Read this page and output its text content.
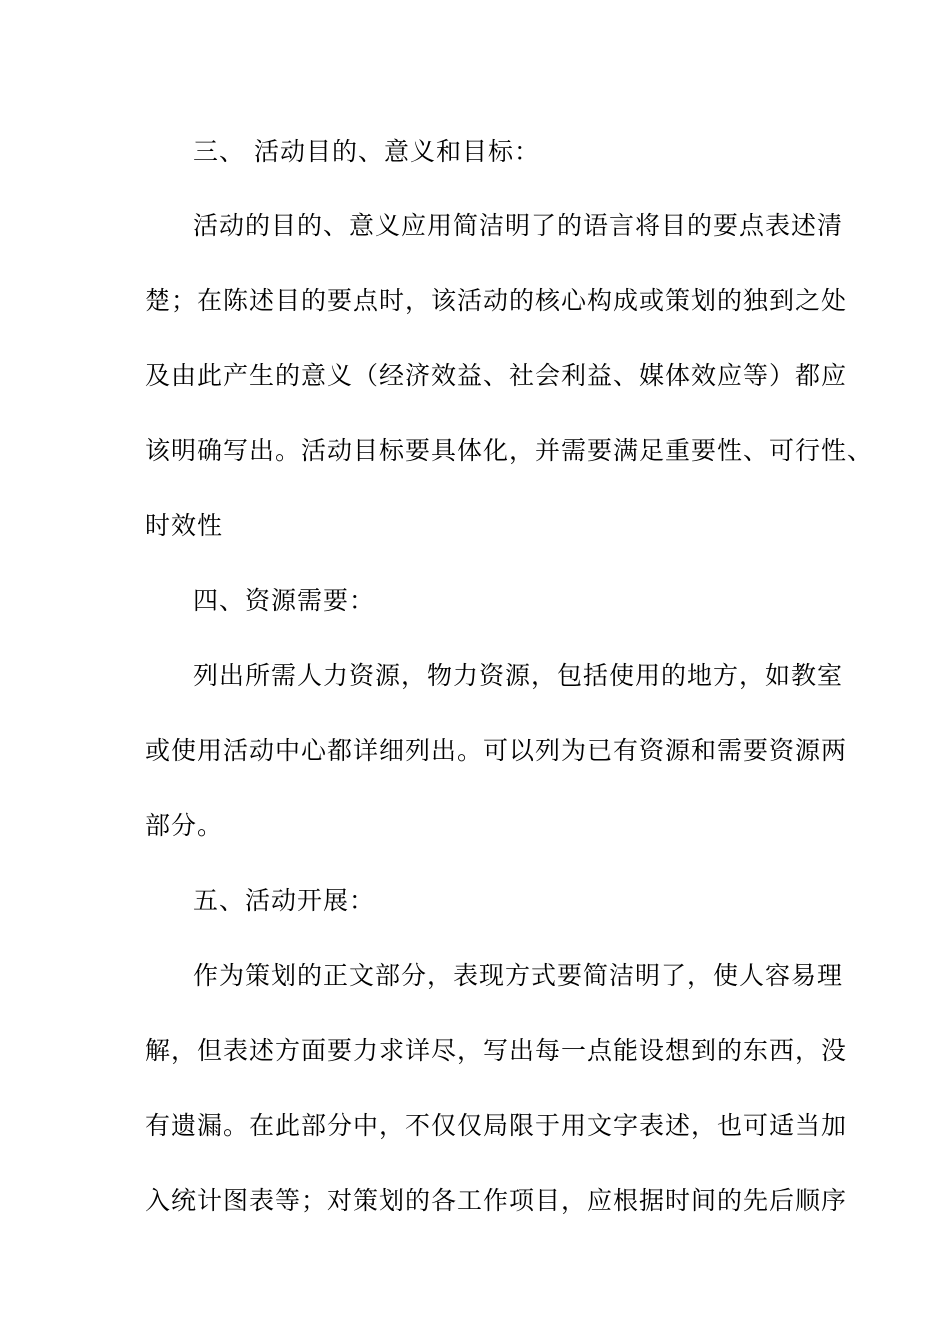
三、 活动目的、意义和目标：
活动的目的、意义应用简洁明了的语言将目的要点表述清
楚；在陈述目的要点时，该活动的核心构成或策划的独到之处
及由此产生的意义（经济效益、社会利益、媒体效应等）都应
该明确写出。活动目标要具体化，并需要满足重要性、可行性、
时效性
四、资源需要：
列出所需人力资源，物力资源，包括使用的地方，如教室
或使用活动中心都详细列出。可以列为已有资源和需要资源两
部分。
五、活动开展：
作为策划的正文部分，表现方式要简洁明了，使人容易理
解，但表述方面要力求详尽，写出每一点能设想到的东西，没
有遗漏。在此部分中，不仅仅局限于用文字表述，也可适当加
入统计图表等；对策划的各工作项目，应根据时间的先后顺序
